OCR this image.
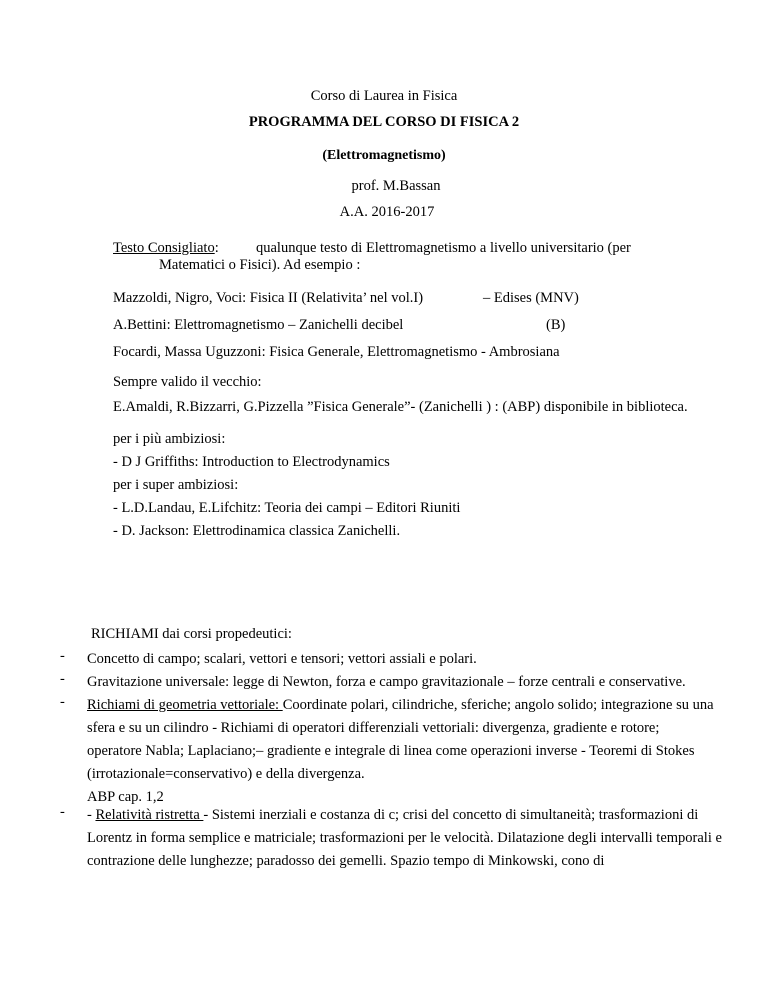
Corso di Laurea in Fisica
PROGRAMMA DEL CORSO DI FISICA 2
(Elettromagnetismo)
prof. M.Bassan
A.A. 2016-2017
Testo Consigliato:	qualunque testo di Elettromagnetismo a livello universitario (per
Matematici o Fisici). Ad esempio :
Mazzoldi, Nigro, Voci: Fisica II (Relativita’ nel vol.I)	– Edises (MNV)
A.Bettini: Elettromagnetismo – Zanichelli decibel	(B)
Focardi, Massa Uguzzoni: Fisica Generale, Elettromagnetismo - Ambrosiana
Sempre valido il vecchio:
E.Amaldi, R.Bizzarri, G.Pizzella ”Fisica Generale”- (Zanichelli ) : (ABP) disponibile in biblioteca.
per i più ambiziosi:
- D J Griffiths: Introduction to Electrodynamics
per i super ambiziosi:
- L.D.Landau, E.Lifchitz: Teoria dei campi – Editori Riuniti
- D. Jackson: Elettrodinamica classica Zanichelli.
RICHIAMI dai corsi propedeutici:
- Concetto di campo; scalari, vettori e tensori; vettori assiali e polari.
- Gravitazione universale: legge di Newton, forza e campo gravitazionale – forze centrali e conservative.
- Richiami di geometria vettoriale: Coordinate polari, cilindriche, sferiche; angolo solido; integrazione su una sfera e su un cilindro - Richiami di operatori differenziali vettoriali: divergenza, gradiente e rotore; operatore Nabla; Laplaciano;– gradiente e integrale di linea come operazioni inverse - Teoremi di Stokes (irrotazionale=conservativo) e della divergenza.
ABP cap. 1,2
- - Relatività ristretta - Sistemi inerziali e costanza di c; crisi del concetto di simultaneità; trasformazioni di Lorentz in forma semplice e matriciale; trasformazioni per le velocità. Dilatazione degli intervalli temporali e contrazione delle lunghezze; paradosso dei gemelli. Spazio tempo di Minkowski, cono di
